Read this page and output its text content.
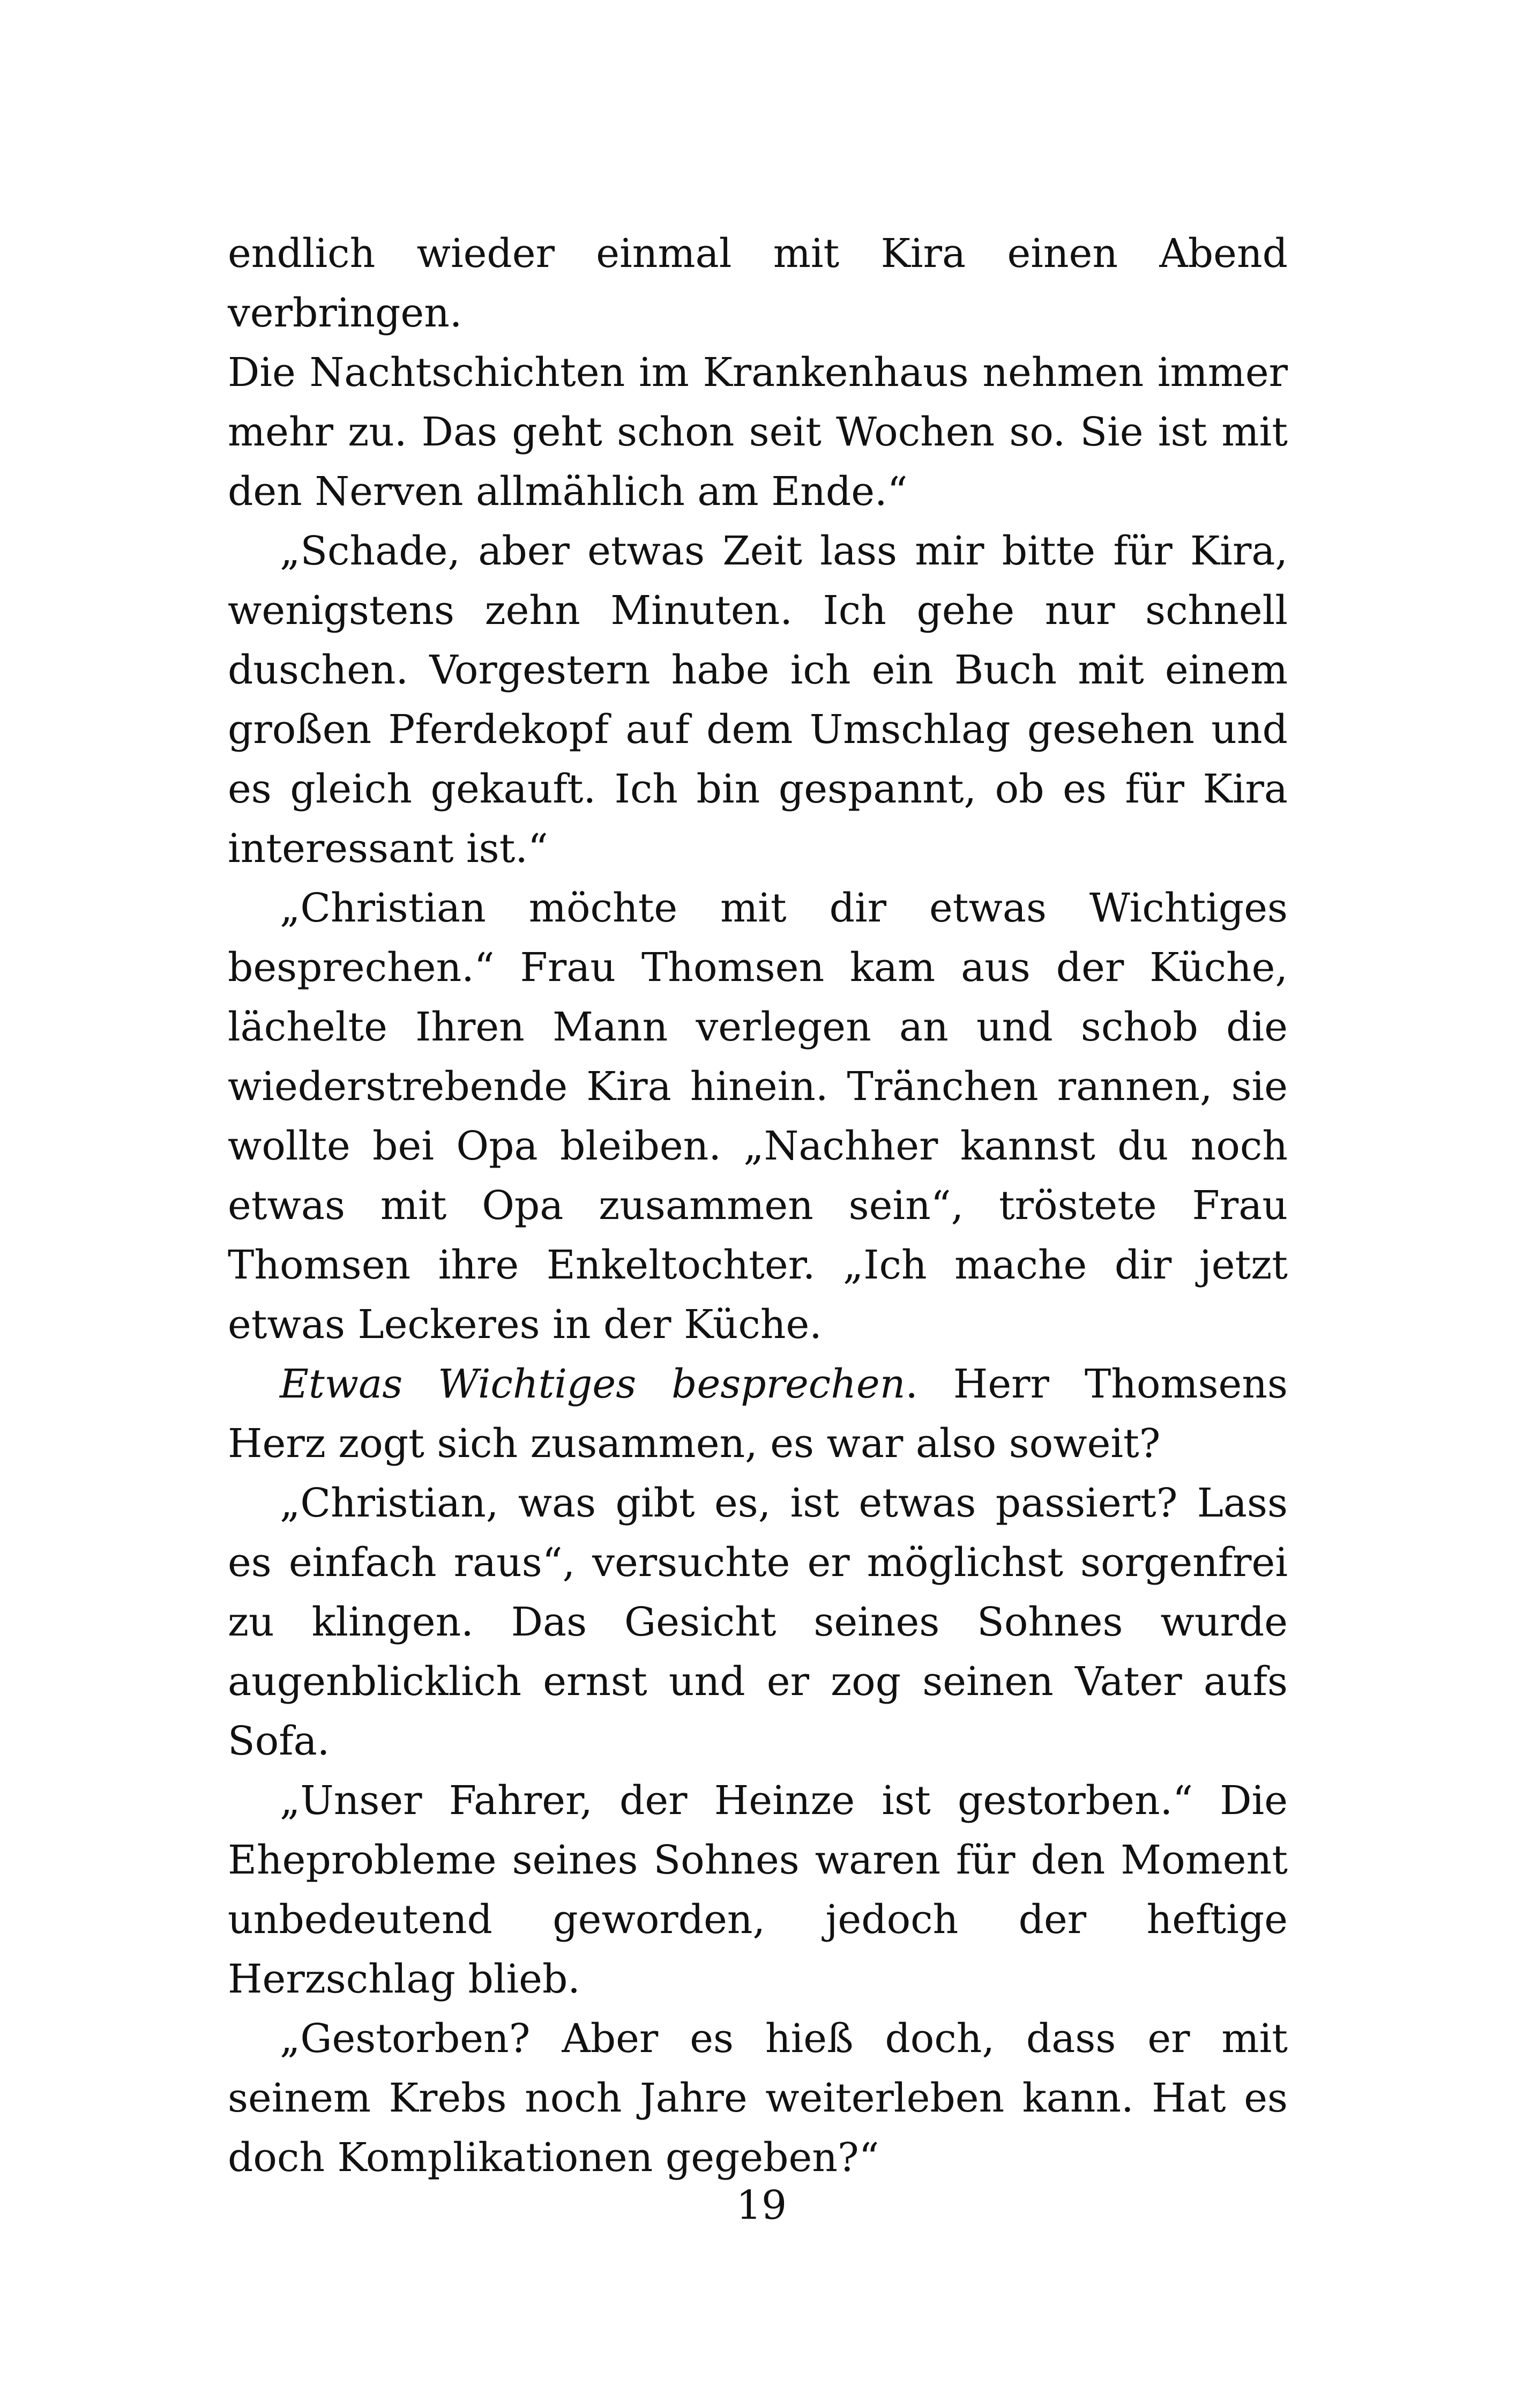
endlich wieder einmal mit Kira einen Abend verbringen.

Die Nachtschichten im Krankenhaus nehmen immer mehr zu. Das geht schon seit Wochen so. Sie ist mit den Nerven allmählich am Ende.“

„Schade, aber etwas Zeit lass mir bitte für Kira, wenigstens zehn Minuten. Ich gehe nur schnell duschen. Vorgestern habe ich ein Buch mit einem großen Pferdekopf auf dem Umschlag gesehen und es gleich gekauft. Ich bin gespannt, ob es für Kira interessant ist.“

„Christian möchte mit dir etwas Wichtiges besprechen.“ Frau Thomsen kam aus der Küche, lächelte Ihren Mann verlegen an und schob die wiederstrebende Kira hinein. Tränchen rannen, sie wollte bei Opa bleiben. „Nachher kannst du noch etwas mit Opa zusammen sein“, tröstete Frau Thomsen ihre Enkeltochter. „Ich mache dir jetzt etwas Leckeres in der Küche.

Etwas Wichtiges besprechen. Herr Thomsens Herz zogt sich zusammen, es war also soweit?

„Christian, was gibt es, ist etwas passiert? Lass es einfach raus“, versuchte er möglichst sorgenfrei zu klingen. Das Gesicht seines Sohnes wurde augenblicklich ernst und er zog seinen Vater aufs Sofa.

„Unser Fahrer, der Heinze ist gestorben.“ Die Eheprobleme seines Sohnes waren für den Moment unbedeutend geworden, jedoch der heftige Herzschlag blieb.

„Gestorben? Aber es hieß doch, dass er mit seinem Krebs noch Jahre weiterleben kann. Hat es doch Komplikationen gegeben?“

19
